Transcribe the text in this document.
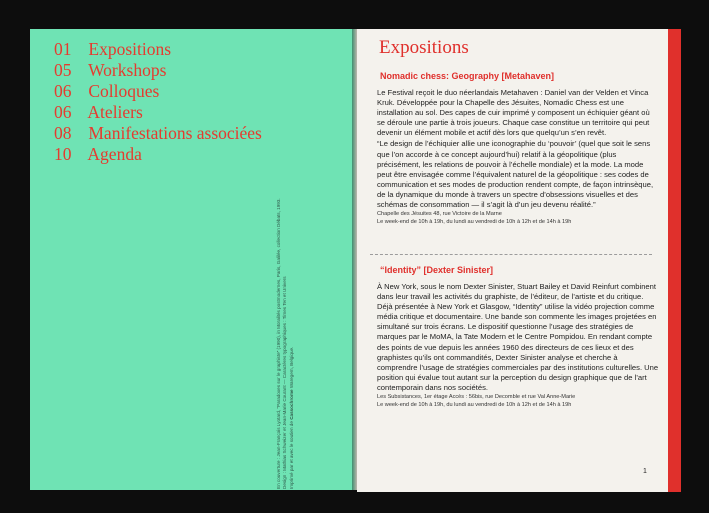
01 Expositions
05 Workshops
06 Colloques
06 Ateliers
08 Manifestations associées
10 Agenda
En couverture : Jean-François Lyotard, “Paradoxes sur le graphiste” (1990), in Moralités postmodernes, Paris, Galilée, collection Débats, 1993. Design : Mathias Schweizer et Jean-Marie Courant — Caractères typographiques : Times Ten et Univers Imprimé par et avec le soutien de Cassochrome Waregem, Belgique.
Expositions
Nomadic chess: Geography [Metahaven]

Le Festival reçoit le duo néerlandais Metahaven : Daniel van der Velden et Vinca Kruk. Développée pour la Chapelle des Jésuites, Nomadic Chess est une installation au sol. Des capes de cuir imprimé y composent un échiquier géant où se déroule une partie à trois joueurs. Chaque case constitue un territoire qui peut devenir un élément mobile et actif dès lors que quelqu’un s’en revêt.

“Le design de l’échiquier allie une iconographie du ‘pouvoir’ (quel que soit le sens que l’on accorde à ce concept aujourd’hui) relatif à la géopolitique (plus précisément, les relations de pouvoir à l’échelle mondiale) et la mode. La mode peut être envisagée comme l’équivalent naturel de la géopolitique : ses codes de communication et ses modes de production rendent compte, de façon intrinsèque, de la dynamique du monde à travers un spectre d’obsessions visuelles et des schémas de consommation — il s’agit là d’un jeu devenu réalité.”

Chapelle des Jésuites 48, rue Victoire de la Marne

Le week-end de 10h à 19h, du lundi au vendredi de 10h à 12h et de 14h à 19h

“Identity” [Dexter Sinister]

À New York, sous le nom Dexter Sinister, Stuart Bailey et David Reinfurt combinent dans leur travail les activités du graphiste, de l’éditeur, de l’artiste et du critique. Déjà présentée à New York et Glasgow, “Identity” utilise la vidéo projection comme média critique et documentaire. Une bande son commente les images projetées en simultané sur trois écrans. Le dispositif questionne l’usage des stratégies de marques par le MoMA, la Tate Modern et le Centre Pompidou. En rendant compte des points de vue depuis les années 1960 des directeurs de ces lieux et des graphistes qu’ils ont commandités, Dexter Sinister analyse et cherche à comprendre l’usage de stratégies commerciales par des institutions culturelles. Une position qui évalue tout autant sur la perception du design graphique que de l’art contemporain dans nos sociétés.

Les Subsistances, 1er étage Accès : 56bis, rue Decomble et rue Val Anne-Marie

Le week-end de 10h à 19h, du lundi au vendredi de 10h à 12h et de 14h à 19h

1
